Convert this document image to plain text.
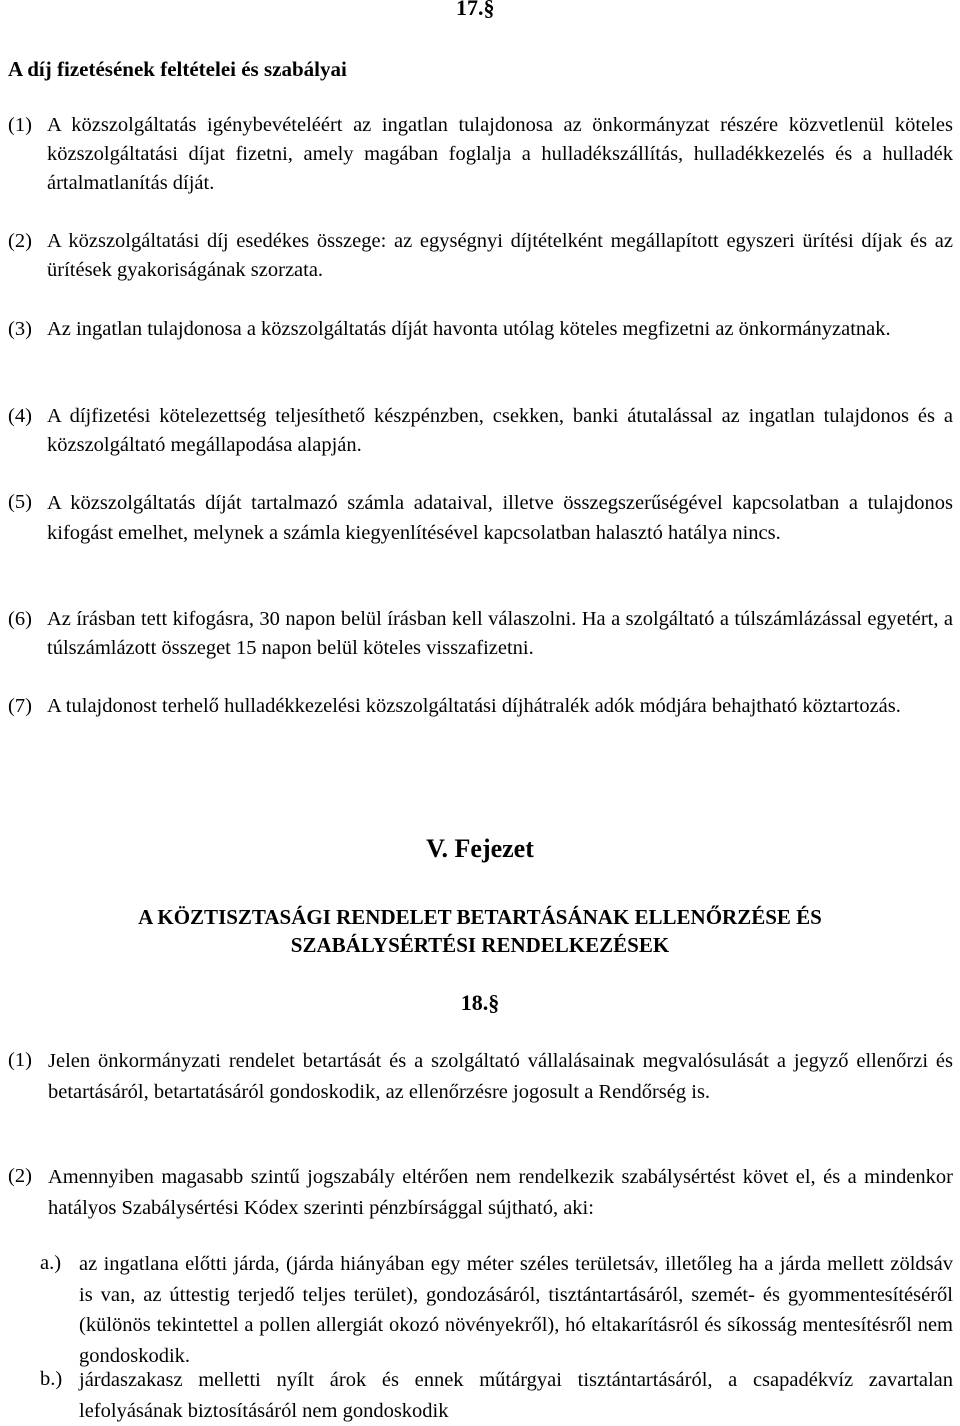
17.§
A díj fizetésének feltételei és szabályai
(1) A közszolgáltatás igénybevételéért az ingatlan tulajdonosa az önkormányzat részére közvetlenül köteles közszolgáltatási díjat fizetni, amely magában foglalja a hulladékszállítás, hulladékkezelés és a hulladék ártalmatlanítás díját.
(2) A közszolgáltatási díj esedékes összege: az egységnyi díjtételként megállapított egyszeri ürítési díjak és az ürítések gyakoriságának szorzata.
(3) Az ingatlan tulajdonosa a közszolgáltatás díját havonta utólag köteles megfizetni az önkormányzatnak.
(4) A díjfizetési kötelezettség teljesíthető készpénzben, csekken, banki átutalással az ingatlan tulajdonos és a közszolgáltató megállapodása alapján.
(5) A közszolgáltatás díját tartalmazó számla adataival, illetve összegszerűségével kapcsolatban a tulajdonos kifogást emelhet, melynek a számla kiegyenlítésével kapcsolatban halasztó hatálya nincs.
(6) Az írásban tett kifogásra, 30 napon belül írásban kell válaszolni. Ha a szolgáltató a túlszámlázással egyetért, a túlszámlázott összeget 15 napon belül köteles visszafizetni.
(7) A tulajdonost terhelő hulladékkezelési közszolgáltatási díjhátralék adók módjára behajtható köztartozás.
V. Fejezet
A KÖZTISZTASÁGI RENDELET BETARTÁSÁNAK ELLENŐRZÉSE ÉS
SZABÁLYSÉRTÉSI RENDELKEZÉSEK
18.§
(1) Jelen önkormányzati rendelet betartását és a szolgáltató vállalásainak megvalósulását a jegyző ellenőrzi és betartásáról, betartatásáról gondoskodik, az ellenőrzésre jogosult a Rendőrség is.
(2) Amennyiben magasabb szintű jogszabály eltérően nem rendelkezik szabálysértést követ el, és a mindenkor hatályos Szabálysértési Kódex szerinti pénzbírsággal sújtható, aki:
a.) az ingatlana előtti járda, (járda hiányában egy méter széles területsáv, illetőleg ha a járda mellett zöldsáv is van, az úttestig terjedő teljes terület), gondozásáról, tisztántartásáról, szemét- és gyommentesítéséről (különös tekintettel a pollen allergiát okozó növényekről), hó eltakarításról és síkosság mentesítésről nem gondoskodik.
b.) járdaszakasz melletti nyílt árok és ennek műtárgyai tisztántartásáról, a csapadékvíz zavartalan lefolyásának biztosításáról nem gondoskodik
